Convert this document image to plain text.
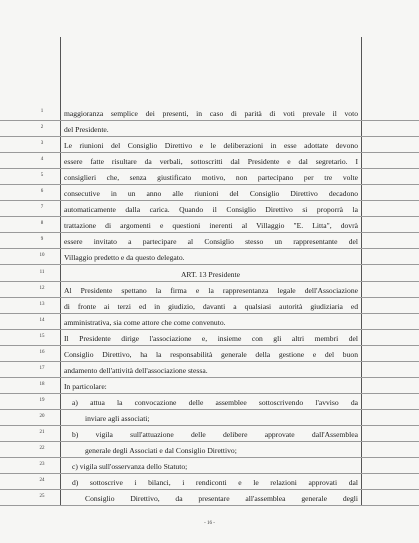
1	maggioranza semplice dei presenti, in caso di parità di voti prevale il voto
2	del Presidente.
3	Le riunioni del Consiglio Direttivo e le deliberazioni in esse adottate devono
4	essere fatte risultare da verbali, sottoscritti dal Presidente e dal segretario. I
5	consiglieri che, senza giustificato motivo, non partecipano per tre volte
6	consecutive in un anno alle riunioni del Consiglio Direttivo decadono
7	automaticamente dalla carica. Quando il Consiglio Direttivo si proporrà la
8	trattazione di argomenti e questioni inerenti al Villaggio "E. Litta", dovrà
9	essere invitato a partecipare al Consiglio stesso un rappresentante del
10	Villaggio predetto e da questo delegato.
11	ART. 13 Presidente
12	Al Presidente spettano la firma e la rappresentanza legale dell'Associazione
13	di fronte ai terzi ed in giudizio, davanti a qualsiasi autorità giudiziaria ed
14	amministrativa, sia come attore che come convenuto.
15	Il Presidente dirige l'associazione e, insieme con gli altri membri del
16	Consiglio Direttivo, ha la responsabilità generale della gestione e del buon
17	andamento dell'attività dell'associazione stessa.
18	In particolare:
19	a) attua la convocazione delle assemblee sottoscrivendo l'avviso da
20	inviare agli associati;
21	b) vigila sull'attuazione delle delibere approvate dall'Assemblea
22	generale degli Associati e dal Consiglio Direttivo;
23	c) vigila sull'osservanza dello Statuto;
24	d) sottoscrive i bilanci, i rendiconti e le relazioni approvati dal
25	Consiglio Direttivo, da presentare all'assemblea generale degli
- 16 -
